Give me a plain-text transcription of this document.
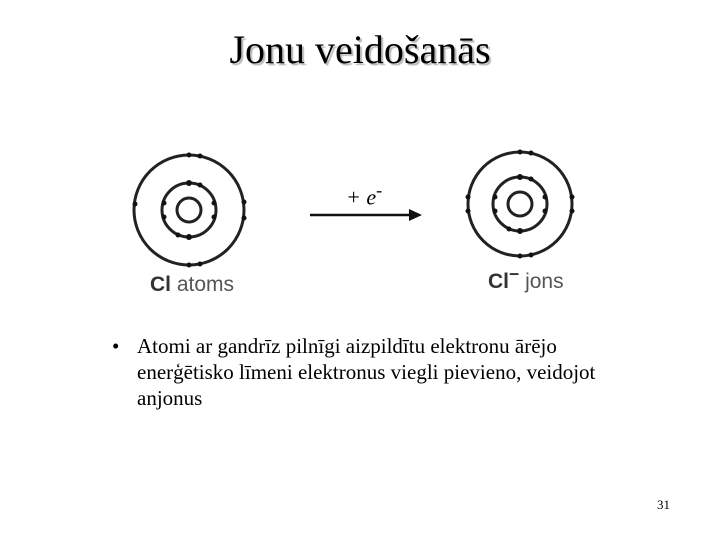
Jonu veidošanās
+ e-
Cl atoms	Cl− jons
• Atomi ar gandrīz pilnīgi aizpildītu elektronu ārējo enerģētisko līmeni elektronus viegli pievieno, veidojot anjonus
31
